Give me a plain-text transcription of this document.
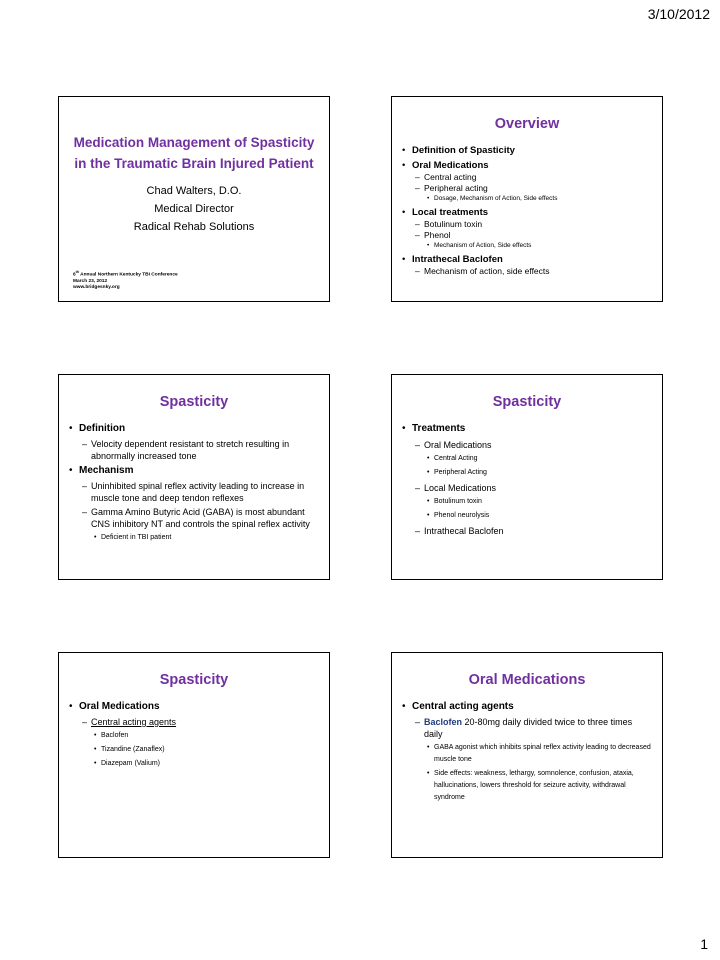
3/10/2012
Medication Management of Spasticity in the Traumatic Brain Injured Patient
Chad Walters, D.O.
Medical Director
Radical Rehab Solutions
6th Annual Northern Kentucky TBI Conference
March 23, 2012
www.bridgesnky.org
Overview
• Definition of Spasticity
• Oral Medications
– Central acting
– Peripheral acting
• Dosage, Mechanism of Action, Side effects
• Local treatments
– Botulinum toxin
– Phenol
• Mechanism of Action, Side effects
• Intrathecal Baclofen
– Mechanism of action, side effects
Spasticity
• Definition
– Velocity dependent resistant to stretch resulting in abnormally increased tone
• Mechanism
– Uninhibited spinal reflex activity leading to increase in muscle tone and deep tendon reflexes
– Gamma Amino Butyric Acid (GABA) is most abundant CNS inhibitory NT and controls the spinal reflex activity
• Deficient in TBI patient
Spasticity
• Treatments
– Oral Medications
• Central Acting
• Peripheral Acting
– Local Medications
• Botulinum toxin
• Phenol neurolysis
– Intrathecal Baclofen
Spasticity
• Oral Medications
– Central acting agents
• Baclofen
• Tizandine (Zanaflex)
• Diazepam (Valium)
Oral Medications
• Central acting agents
– Baclofen 20-80mg daily divided twice to three times daily
• GABA agonist which inhibits spinal reflex activity leading to decreased muscle tone
• Side effects: weakness, lethargy, somnolence, confusion, ataxia, hallucinations, lowers threshold for seizure activity, withdrawal syndrome
1
